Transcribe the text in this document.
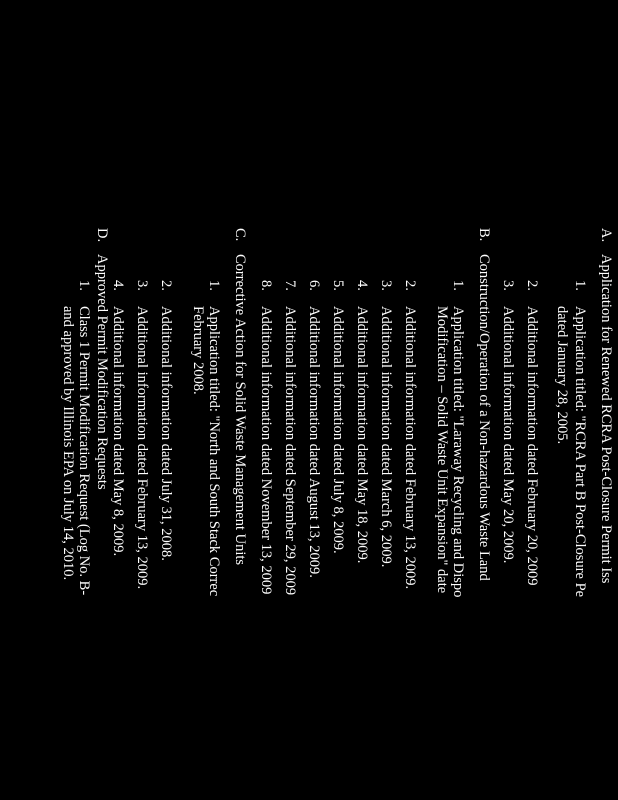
A.
Application for Renewed RCRA Post-Closure Permit Iss
1.
Application titled: "RCRA Part B Post-Closure Pe
dated January 28, 2005.
2.
Additional information dated February 20, 2009
3.
Additional information dated May 20, 2009.
B.
Construction/Operation of a Non-hazardous Waste Land
1.
Application titled: "Laraway Recycling and Dispo
Modification – Solid Waste Unit Expansion" date
2.
Additional information dated February 13, 2009.
3.
Additional information dated March 6, 2009.
4.
Additional information dated May 18, 2009.
5.
Additional information dated July 8, 2009.
6.
Additional information dated August 13, 2009.
7.
Additional information dated September 29, 2009
8.
Additional information dated November 13, 2009
C.
Corrective Action for Solid Waste Management Units
1.
Application titled: "North and South Stack Correc
February 2008.
2.
Additional information dated July 31, 2008.
3.
Additional information dated February 13, 2009.
4.
Additional information dated May 8, 2009.
D.
Approved Permit Modification Requests
1.
Class 1 Permit Modification Request (Log No. B-
and approved by Illinois EPA on July 14, 2010.
